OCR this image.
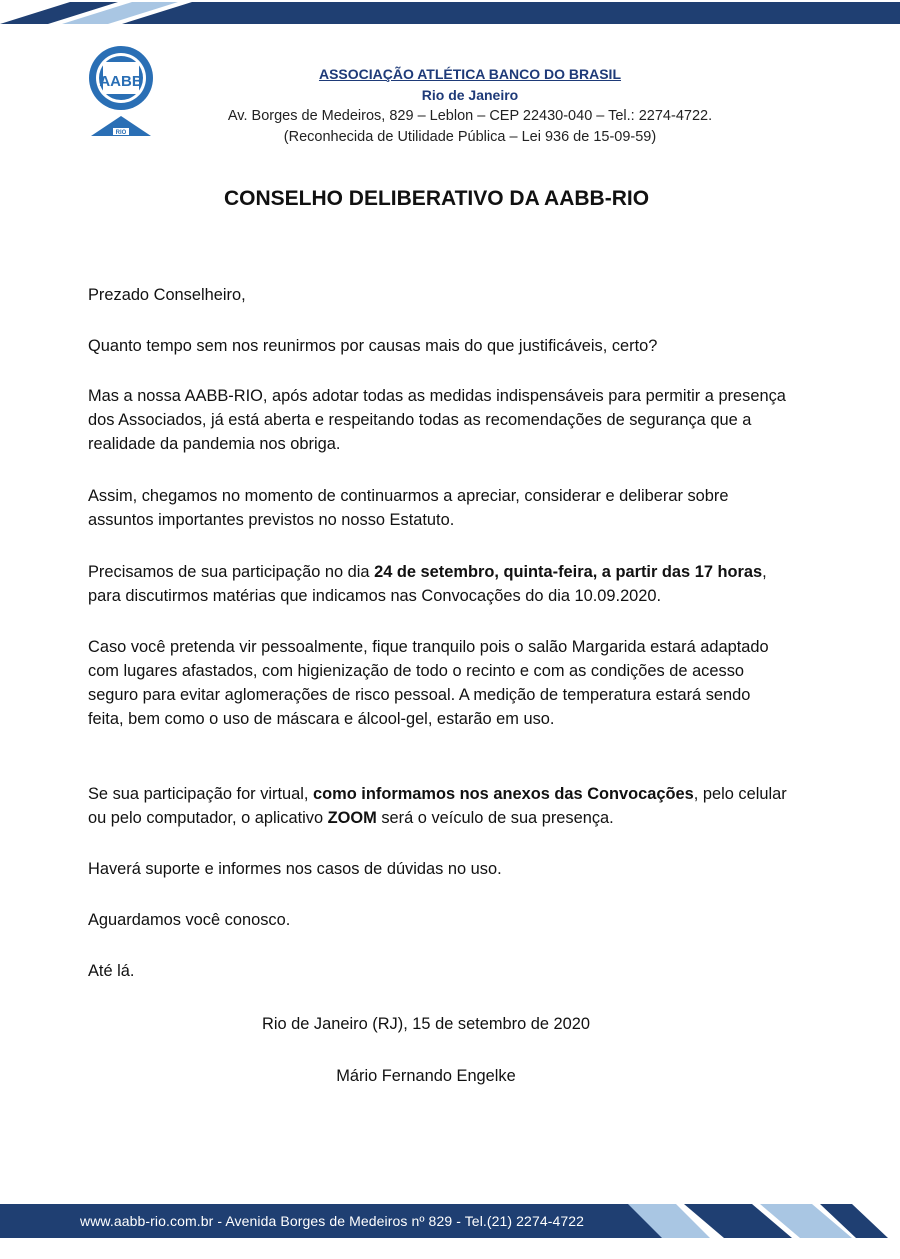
AABB
RIO
ASSOCIAÇÃO ATLÉTICA BANCO DO BRASIL
Rio de Janeiro
Av. Borges de Medeiros, 829 – Leblon – CEP 22430-040 – Tel.: 2274-4722.
(Reconhecida de Utilidade Pública – Lei 936 de 15-09-59)
CONSELHO DELIBERATIVO DA AABB-RIO

Prezado Conselheiro,

Quanto tempo sem nos reunirmos por causas mais do que justificáveis, certo?

Mas a nossa AABB-RIO, após adotar todas as medidas indispensáveis para permitir a presença dos Associados, já está aberta e respeitando todas as recomendações de segurança que a realidade da pandemia nos obriga.

Assim, chegamos no momento de continuarmos a apreciar, considerar e deliberar sobre assuntos importantes previstos no nosso Estatuto.

Precisamos de sua participação no dia 24 de setembro, quinta-feira, a partir das 17 horas, para discutirmos matérias que indicamos nas Convocações do dia 10.09.2020.

Caso você pretenda vir pessoalmente, fique tranquilo pois o salão Margarida estará adaptado com lugares afastados, com higienização de todo o recinto e com as condições de acesso seguro para evitar aglomerações de risco pessoal. A medição de temperatura estará sendo feita, bem como o uso de máscara e álcool-gel, estarão em uso.

Se sua participação for virtual, como informamos nos anexos das Convocações, pelo celular ou pelo computador, o aplicativo ZOOM será o veículo de sua presença.

Haverá suporte e informes nos casos de dúvidas no uso.

Aguardamos você conosco.

Até lá.

Rio de Janeiro (RJ), 15 de setembro de 2020
Mário Fernando Engelke
www.aabb-rio.com.br - Avenida Borges de Medeiros nº 829 - Tel.(21) 2274-4722
